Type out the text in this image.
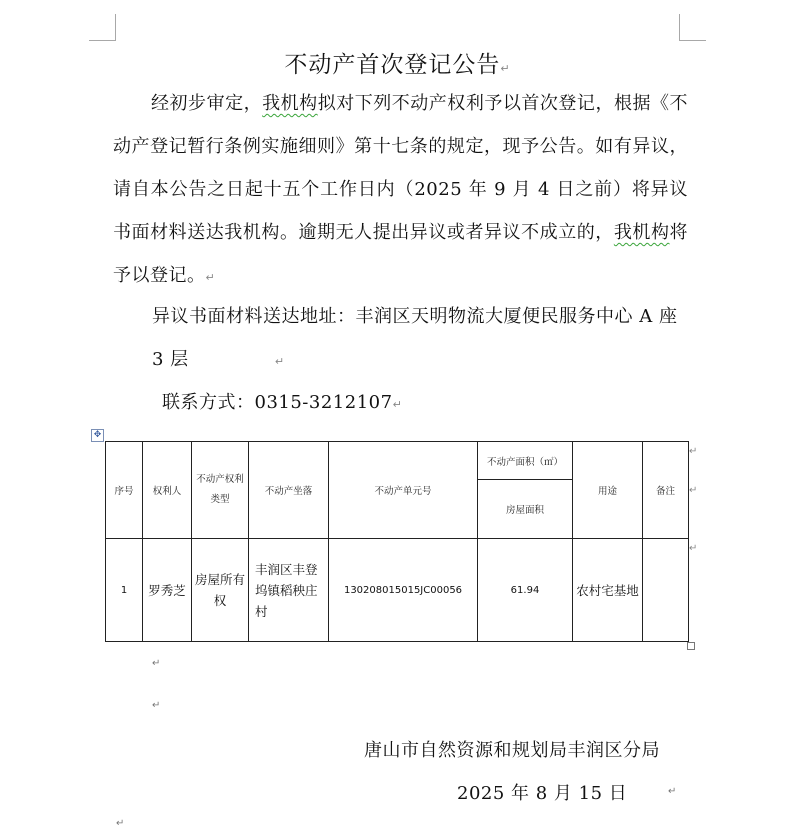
不动产首次登记公告↵
经初步审定，我机构拟对下列不动产权利予以首次登记，根据《不动产登记暂行条例实施细则》第十七条的规定，现予公告。如有异议，请自本公告之日起十五个工作日内（2025 年 9 月 4 日之前）将异议书面材料送达我机构。逾期无人提出异议或者异议不成立的，我机构将予以登记。↵
异议书面材料送达地址：丰润区天明物流大厦便民服务中心 A 座 3 层	↵
联系方式：0315-3212107↵
✥
序号	权利人	不动产权利类型	不动产坐落	不动产单元号	不动产面积（㎡）	用途	备注
					房屋面积		
1	罗秀芝	房屋所有权	丰润区丰登坞镇稻秧庄村	130208015015JC00056	61.94	农村宅基地	
↵
↵
↵
↵
↵
唐山市自然资源和规划局丰润区分局
2025 年 8 月 15 日	↵
↵
